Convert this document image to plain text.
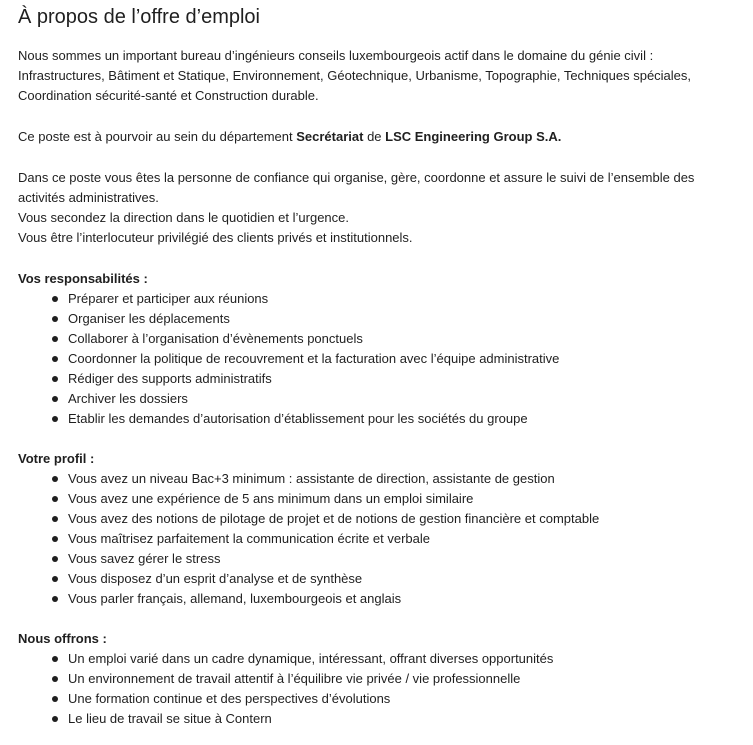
À propos de l’offre d’emploi

Nous sommes un important bureau d’ingénieurs conseils luxembourgeois actif dans le domaine du génie civil :
Infrastructures, Bâtiment et Statique, Environnement, Géotechnique, Urbanisme, Topographie, Techniques spéciales,
Coordination sécurité-santé et Construction durable.

Ce poste est à pourvoir au sein du département Secrétariat de LSC Engineering Group S.A.

Dans ce poste vous êtes la personne de confiance qui organise, gère, coordonne et assure le suivi de l’ensemble des
activités administratives.
Vous secondez la direction dans le quotidien et l’urgence.
Vous être l’interlocuteur privilégié des clients privés et institutionnels.

Vos responsabilités :

Préparer et participer aux réunions
Organiser les déplacements
Collaborer à l’organisation d’évènements ponctuels
Coordonner la politique de recouvrement et la facturation avec l’équipe administrative
Rédiger des supports administratifs
Archiver les dossiers
Etablir les demandes d’autorisation d’établissement pour les sociétés du groupe

Votre profil :

Vous avez un niveau Bac+3 minimum : assistante de direction, assistante de gestion
Vous avez une expérience de 5 ans minimum dans un emploi similaire
Vous avez des notions de pilotage de projet et de notions de gestion financière et comptable
Vous maîtrisez parfaitement la communication écrite et verbale
Vous savez gérer le stress
Vous disposez d’un esprit d’analyse et de synthèse
Vous parler français, allemand, luxembourgeois et anglais

Nous offrons :

Un emploi varié dans un cadre dynamique, intéressant, offrant diverses opportunités
Un environnement de travail attentif à l’équilibre vie privée / vie professionnelle
Une formation continue et des perspectives d’évolutions
Le lieu de travail se situe à Contern
